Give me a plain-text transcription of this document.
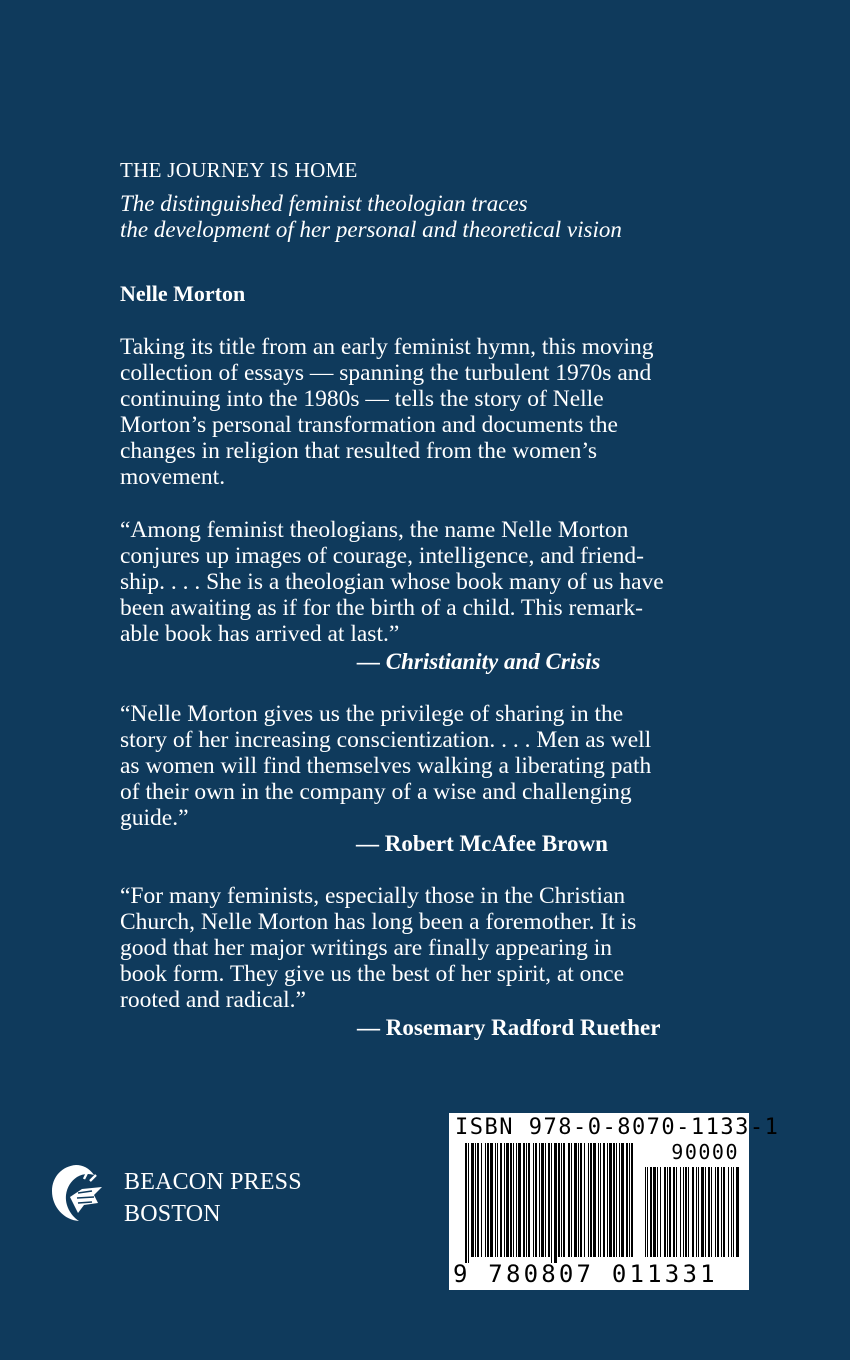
THE JOURNEY IS HOME
The distinguished feminist theologian traces
the development of her personal and theoretical vision
Nelle Morton
Taking its title from an early feminist hymn, this moving
collection of essays — spanning the turbulent 1970s and
continuing into the 1980s — tells the story of Nelle
Morton’s personal transformation and documents the
changes in religion that resulted from the women’s
movement.
“Among feminist theologians, the name Nelle Morton
conjures up images of courage, intelligence, and friend-
ship. . . . She is a theologian whose book many of us have
been awaiting as if for the birth of a child. This remark-
able book has arrived at last.”
— Christianity and Crisis
“Nelle Morton gives us the privilege of sharing in the
story of her increasing conscientization. . . . Men as well
as women will find themselves walking a liberating path
of their own in the company of a wise and challenging
guide.”
— Robert McAfee Brown
“For many feminists, especially those in the Christian
Church, Nelle Morton has long been a foremother. It is
good that her major writings are finally appearing in
book form. They give us the best of her spirit, at once
rooted and radical.”
— Rosemary Radford Ruether
BEACON PRESS
BOSTON
ISBN 978-0-8070-1133-1
90000
9 780807 011331
